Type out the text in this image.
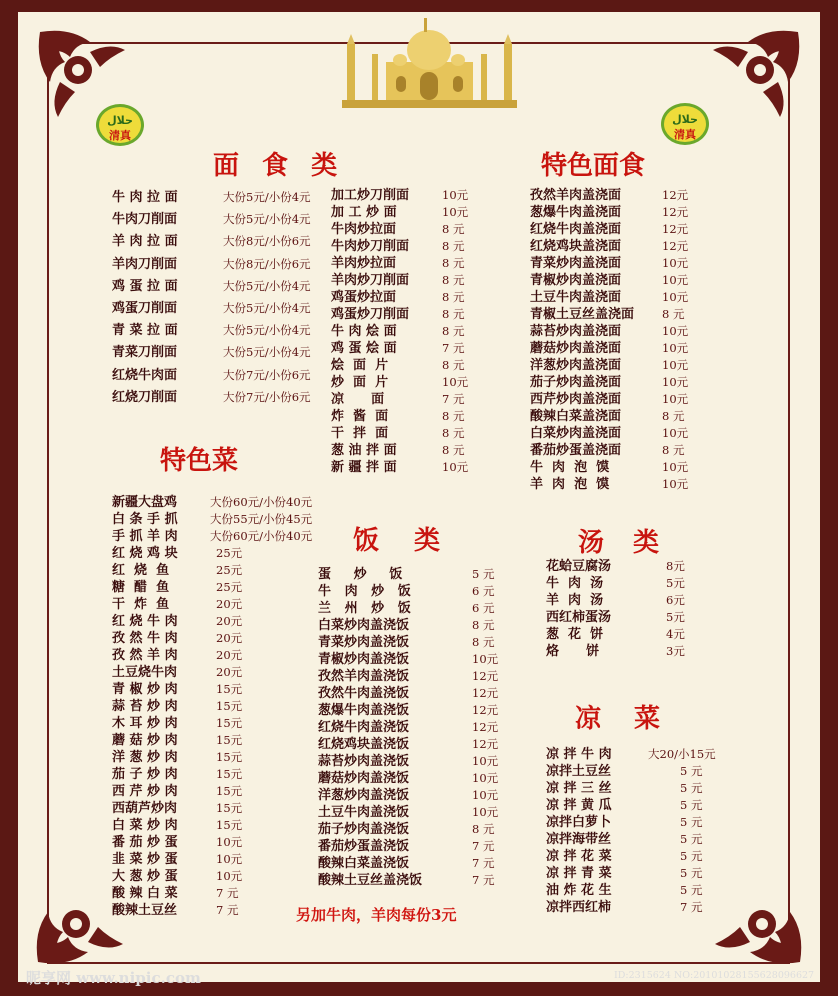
حلال
清真
حلال
清真
面 食 类	特色面食
特色菜
饭 类	汤 类
凉 菜
牛 肉 拉 面	大份5元/小份4元
牛肉刀削面	大份5元/小份4元
羊 肉 拉 面	大份8元/小份6元
羊肉刀削面	大份8元/小份6元
鸡 蛋 拉 面	大份5元/小份4元
鸡蛋刀削面	大份5元/小份4元
青 菜 拉 面	大份5元/小份4元
青菜刀削面	大份5元/小份4元
红烧牛肉面	大份7元/小份6元
红烧刀削面	大份7元/小份6元
加工炒刀削面	10元
加 工 炒 面	10元
牛肉炒拉面	8 元
牛肉炒刀削面	8 元
羊肉炒拉面	8 元
羊肉炒刀削面	8 元
鸡蛋炒拉面	8 元
鸡蛋炒刀削面	8 元
牛 肉 烩 面	8 元
鸡 蛋 烩 面	7 元
烩  面  片	8 元
炒  面  片	10元
凉      面	7 元
炸  酱  面	8 元
干  拌  面	8 元
葱 油 拌 面	8 元
新 疆 拌 面	10元
孜然羊肉盖浇面	12元
葱爆牛肉盖浇面	12元
红烧牛肉盖浇面	12元
红烧鸡块盖浇面	12元
青菜炒肉盖浇面	10元
青椒炒肉盖浇面	10元
土豆牛肉盖浇面	10元
青椒土豆丝盖浇面 8 元
蒜苔炒肉盖浇面	10元
蘑菇炒肉盖浇面	10元
洋葱炒肉盖浇面	10元
茄子炒肉盖浇面	10元
西芹炒肉盖浇面	10元
酸辣白菜盖浇面	8 元
白菜炒肉盖浇面	10元
番茄炒蛋盖浇面	8 元
牛  肉  泡  馍	10元
羊  肉  泡  馍	10元
新疆大盘鸡	大份60元/小份40元
白 条 手 抓	大份55元/小份45元
手 抓 羊 肉	大份60元/小份40元
红 烧 鸡 块	25元
红  烧  鱼	25元
糖  醋  鱼	25元
干  炸  鱼	20元
红 烧 牛 肉	20元
孜 然 牛 肉	20元
孜 然 羊 肉	20元
土豆烧牛肉	20元
青 椒 炒 肉	15元
蒜 苔 炒 肉	15元
木 耳 炒 肉	15元
蘑 菇 炒 肉	15元
洋 葱 炒 肉	15元
茄 子 炒 肉	15元
西 芹 炒 肉	15元
西葫芦炒肉	15元
白 菜 炒 肉	15元
番 茄 炒 蛋	10元
韭 菜 炒 蛋	10元
大 葱 炒 蛋	10元
酸 辣 白 菜	7 元
酸辣土豆丝	7 元
蛋     炒     饭	5 元
牛   肉   炒   饭	6 元
兰   州   炒   饭	6 元
白菜炒肉盖浇饭	8 元
青菜炒肉盖浇饭	8 元
青椒炒肉盖浇饭	10元
孜然羊肉盖浇饭	12元
孜然牛肉盖浇饭	12元
葱爆牛肉盖浇饭	12元
红烧牛肉盖浇饭	12元
红烧鸡块盖浇饭	12元
蒜苔炒肉盖浇饭	10元
蘑菇炒肉盖浇饭	10元
洋葱炒肉盖浇饭	10元
土豆牛肉盖浇饭	10元
茄子炒肉盖浇饭	8 元
番茄炒蛋盖浇饭	7 元
酸辣白菜盖浇饭	7 元
酸辣土豆丝盖浇饭	7 元
花蛤豆腐汤	8元
牛  肉  汤	5元
羊  肉  汤	6元
西红柿蛋汤	5元
葱  花  饼	4元
烙      饼	3元
凉 拌 牛 肉	大20/小15元
凉拌土豆丝	5 元
凉 拌 三 丝	5 元
凉 拌 黄 瓜	5 元
凉拌白萝卜	5 元
凉拌海带丝	5 元
凉 拌 花 菜	5 元
凉 拌 青 菜	5 元
油 炸 花 生	5 元
凉拌西红柿	7 元
另加牛肉，羊肉每份3元
昵享网 www.nipic.com	ID:2315624 NO:20101028155628096627
